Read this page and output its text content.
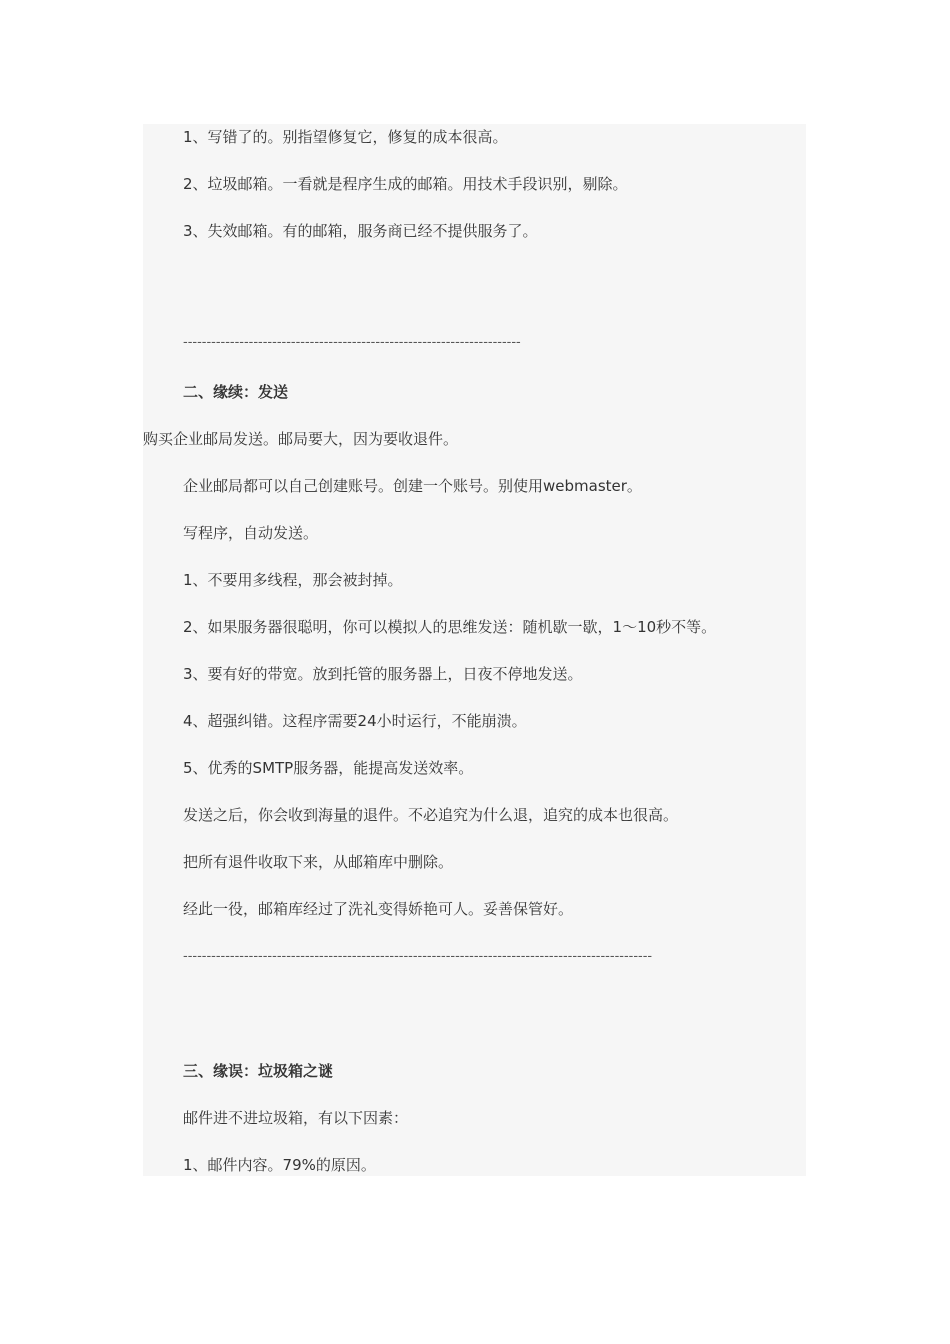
1、写错了的。别指望修复它，修复的成本很高。
2、垃圾邮箱。一看就是程序生成的邮箱。用技术手段识别，剔除。
3、失效邮箱。有的邮箱，服务商已经不提供服务了。
------------------------------------------------------------------------
二、缘续：发送
购买企业邮局发送。邮局要大，因为要收退件。
企业邮局都可以自己创建账号。创建一个账号。别使用webmaster。
写程序，自动发送。
1、不要用多线程，那会被封掉。
2、如果服务器很聪明，你可以模拟人的思维发送：随机歇一歇，1～10秒不等。
3、要有好的带宽。放到托管的服务器上，日夜不停地发送。
4、超强纠错。这程序需要24小时运行，不能崩溃。
5、优秀的SMTP服务器，能提高发送效率。
发送之后，你会收到海量的退件。不必追究为什么退，追究的成本也很高。
把所有退件收取下来，从邮箱库中删除。
经此一役，邮箱库经过了洗礼变得娇艳可人。妥善保管好。
----------------------------------------------------------------------------------------------------
三、缘误：垃圾箱之谜
邮件进不进垃圾箱，有以下因素：
1、邮件内容。79%的原因。
